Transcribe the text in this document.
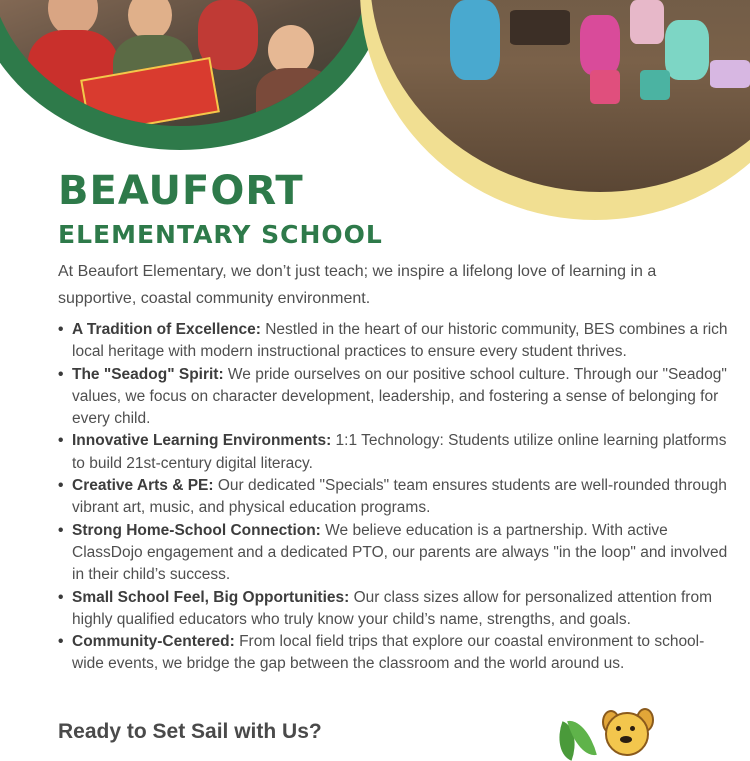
BEAUFORT
ELEMENTARY SCHOOL

At Beaufort Elementary, we don’t just teach; we inspire a lifelong love of learning in a supportive, coastal community environment.

• A Tradition of Excellence: Nestled in the heart of our historic community, BES combines a rich local heritage with modern instructional practices to ensure every student thrives.
• The "Seadog" Spirit: We pride ourselves on our positive school culture. Through our "Seadog" values, we focus on character development, leadership, and fostering a sense of belonging for every child.
• Innovative Learning Environments: 1:1 Technology: Students utilize online learning platforms to build 21st-century digital literacy.
• Creative Arts & PE: Our dedicated "Specials" team ensures students are well-rounded through vibrant art, music, and physical education programs.
• Strong Home-School Connection: We believe education is a partnership. With active ClassDojo engagement and a dedicated PTO, our parents are always "in the loop" and involved in their child’s success.
• Small School Feel, Big Opportunities: Our class sizes allow for personalized attention from highly qualified educators who truly know your child’s name, strengths, and goals.
• Community-Centered: From local field trips that explore our coastal environment to school-wide events, we bridge the gap between the classroom and the world around us.
Ready to Set Sail with Us?
